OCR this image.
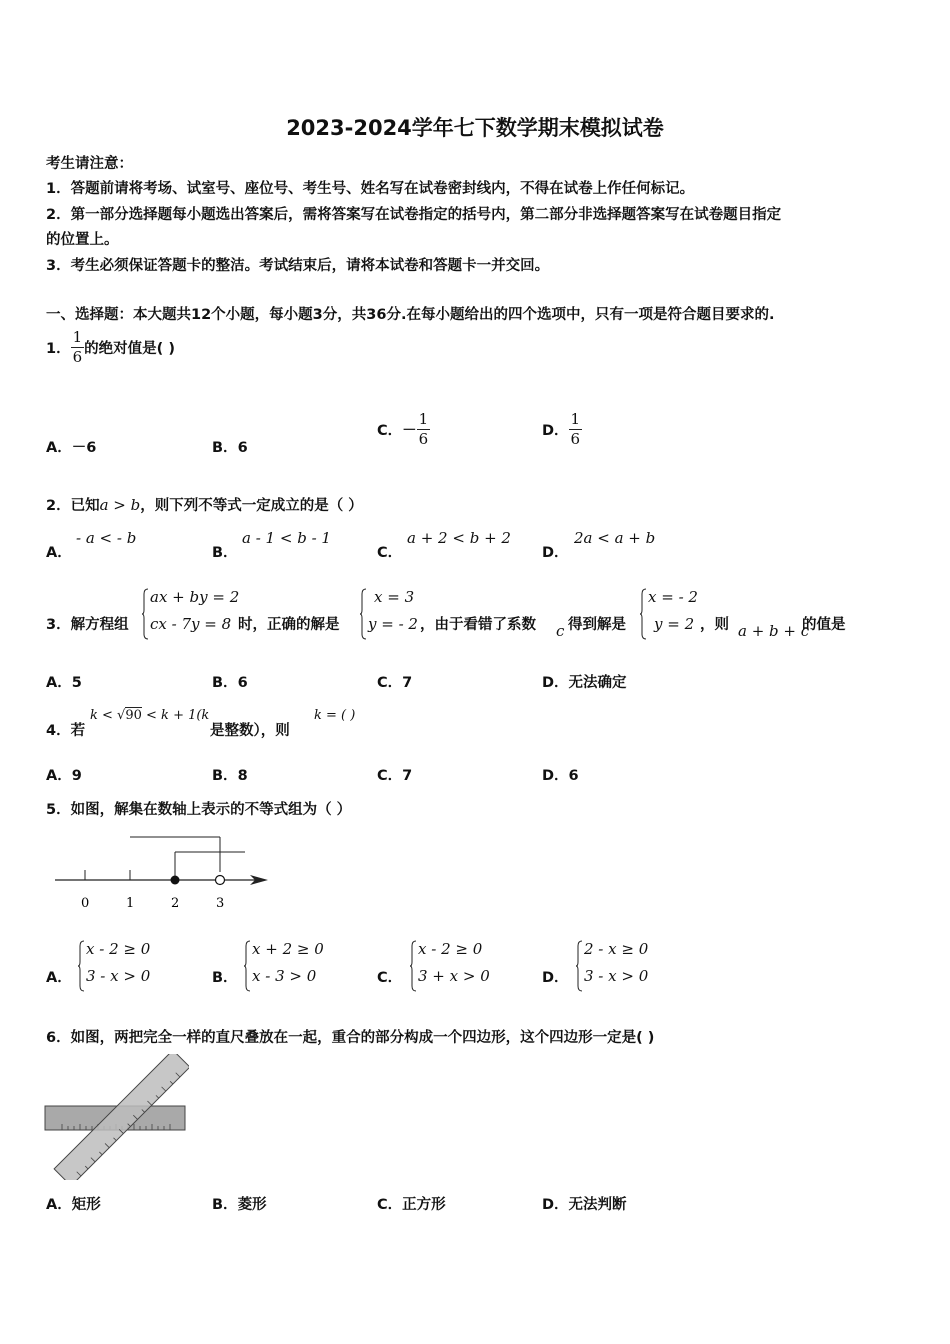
2023-2024学年七下数学期末模拟试卷
考生请注意：
1．答题前请将考场、试室号、座位号、考生号、姓名写在试卷密封线内，不得在试卷上作任何标记。
2．第一部分选择题每小题选出答案后，需将答案写在试卷指定的括号内，第二部分非选择题答案写在试卷题目指定
的位置上。
3．考生必须保证答题卡的整洁。考试结束后，请将本试卷和答题卡一并交回。
一、选择题：本大题共12个小题，每小题3分，共36分.在每小题给出的四个选项中，只有一项是符合题目要求的.
1． $\frac{1}{6}$ 的绝对值是( )
A．－6	B．6
C．－ $\frac{1}{6}$	D． $\frac{1}{6}$
2．已知a > b，则下列不等式一定成立的是（ ）
A．
- a < - b
B．
a - 1 < b - 1
C．
a + 2 < b + 2
D．
2a < a + b
3．解方程组
ax + by = 2
cx - 7y = 8 时，正确的解是
x = 3
y = - 2 ，由于看错了系数 c 得到解是
x = - 2
y = 2 ，则 a + b + c
的值是
A．5	B．6	C．7	D．无法确定
4．若
k < √90 < k + 1(k
是整数），则
k = ( )
A．9	B．8	C．7	D．6
5．如图，解集在数轴上表示的不等式组为（ ）
0	1	2	3
A．
x - 2 ≥ 0
3 - x > 0	B．
x + 2 ≥ 0
x - 3 > 0	C．
x - 2 ≥ 0
3 + x > 0	D．
2 - x ≥ 0
3 - x > 0
6．如图，两把完全一样的直尺叠放在一起，重合的部分构成一个四边形，这个四边形一定是( )
A．矩形	B．菱形	C．正方形	D．无法判断
